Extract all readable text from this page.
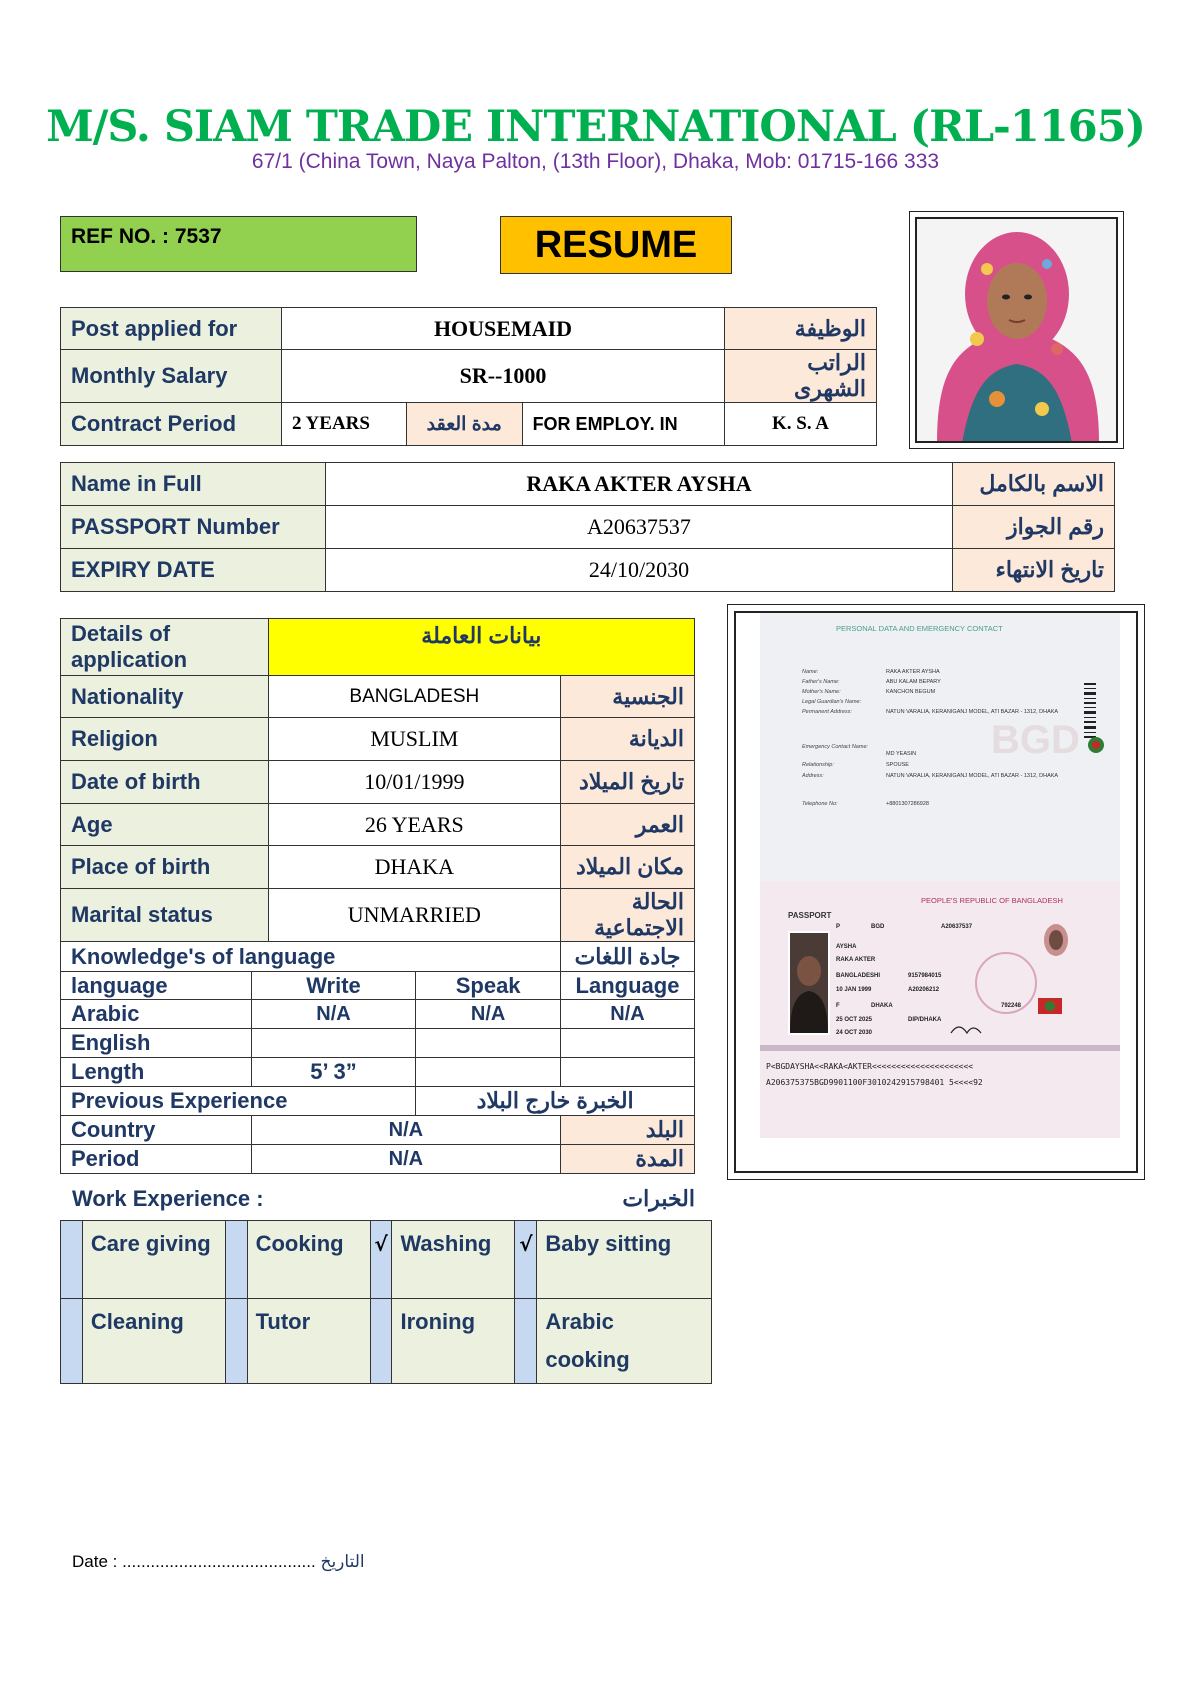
M/S. SIAM TRADE INTERNATIONAL (RL-1165)
67/1 (China Town, Naya Palton, (13th Floor), Dhaka, Mob: 01715-166 333
REF NO. : 7537	RESUME
Post applied for	HOUSEMAID			الوظيفة
Monthly Salary	SR--1000			الراتب الشهرى
Contract Period	2 YEARS	مدة العقد	FOR EMPLOY. IN	K. S. A
Name in Full	RAKA AKTER AYSHA	الاسم بالكامل
PASSPORT Number	A20637537	رقم الجواز
EXPIRY DATE	24/10/2030	تاريخ الانتهاء
Details of application		بيانات العاملة		
Nationality		BANGLADESH		الجنسية
Religion		MUSLIM		الديانة
Date of birth		10/01/1999		تاريخ الميلاد
Age		26 YEARS		العمر
Place of birth		DHAKA		مكان الميلاد
Marital status		UNMARRIED		الحالة الاجتماعية
Knowledge's of language				جادة اللغات
language	Write		Speak	Language
Arabic	N/A		N/A	N/A
English				
Length	5’ 3”			
Previous Experience			الخبرة خارج البلاد	
Country	N/A			البلد
Period	N/A			المدة
PERSONAL DATA AND EMERGENCY CONTACT
Name:	RAKA AKTER AYSHA
Father's Name:	ABU KALAM BEPARY
Mother's Name:	KANCHON BEGUM
Legal Guardian's Name:
Permanent Address:	NATUN VARALIA, KERANIGANJ MODEL, ATI BAZAR - 1312, DHAKA
Emergency Contact Name:
MD YEASIN
Relationship:	SPOUSE
Address:	NATUN VARALIA, KERANIGANJ MODEL, ATI BAZAR - 1312, DHAKA
Telephone No:	+8801307286928
BGD
PEOPLE'S REPUBLIC OF BANGLADESH
PASSPORT
P	BGD	A20637537
AYSHA
RAKA AKTER
BANGLADESHI	9157984015
10 JAN 1999	A20206212
F	DHAKA	792248
25 OCT 2025	DIP/DHAKA
24 OCT 2030
P<BGDAYSHA<<RAKA<AKTER<<<<<<<<<<<<<<<<<<<<<
A206375375BGD9901100F3010242915798401 5<<<<92
Work Experience :	الخبرات
	Care giving		Cooking	√	Washing	√	Baby sitting
	Cleaning		Tutor		Ironing		Arabic cooking
Date : ......................................... التاريخ
